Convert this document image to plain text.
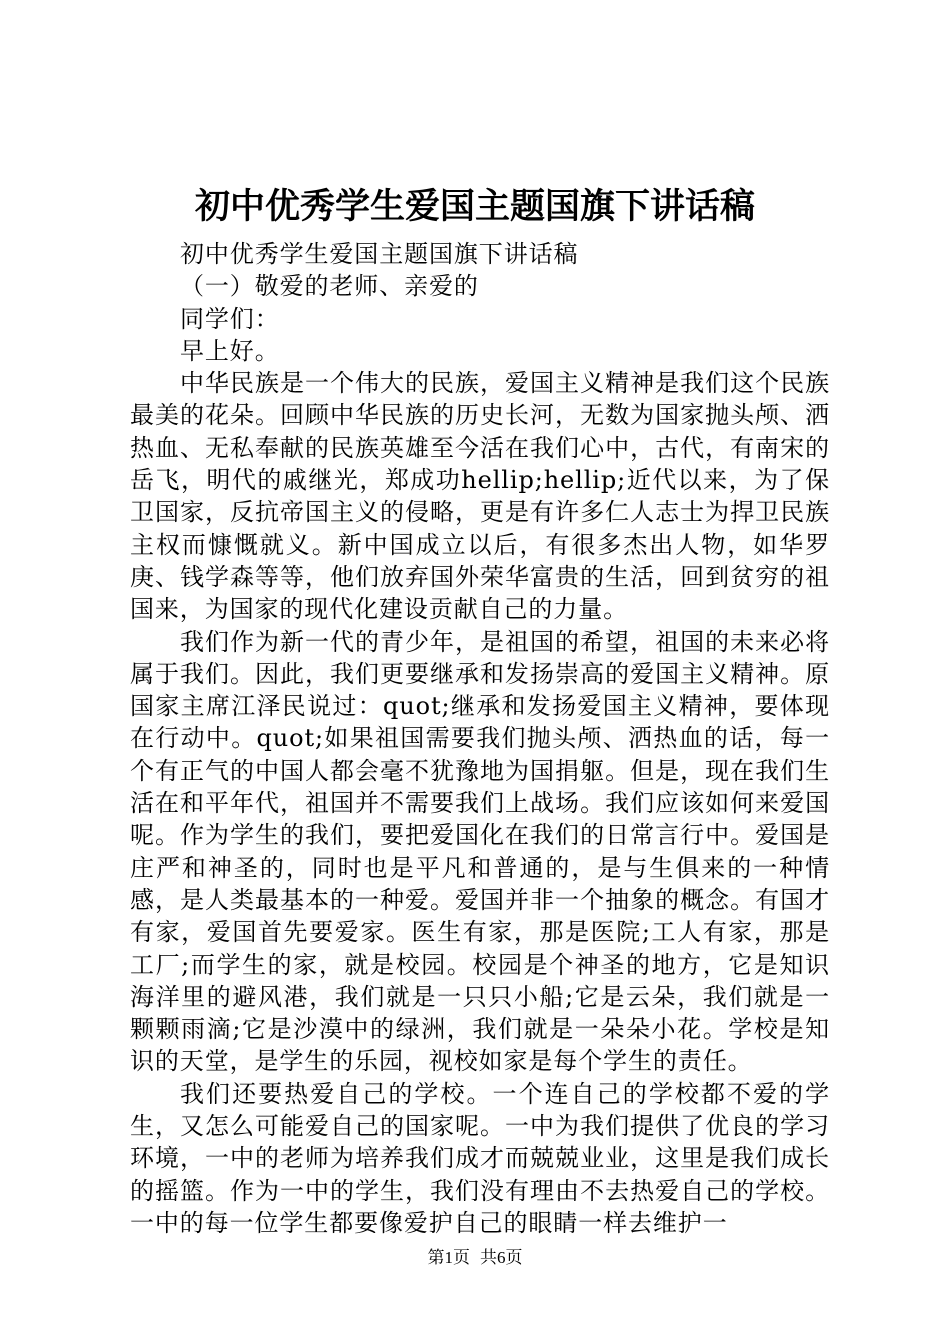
初中优秀学生爱国主题国旗下讲话稿

初中优秀学生爱国主题国旗下讲话稿

（一）敬爱的老师、亲爱的

同学们：

早上好。

中华民族是一个伟大的民族，爱国主义精神是我们这个民族最美的花朵。回顾中华民族的历史长河，无数为国家抛头颅、洒热血、无私奉献的民族英雄至今活在我们心中，古代，有南宋的岳飞，明代的戚继光，郑成功hellip;hellip;近代以来，为了保卫国家，反抗帝国主义的侵略，更是有许多仁人志士为捍卫民族主权而慷慨就义。新中国成立以后，有很多杰出人物，如华罗庚、钱学森等等，他们放弃国外荣华富贵的生活，回到贫穷的祖国来，为国家的现代化建设贡献自己的力量。

我们作为新一代的青少年，是祖国的希望，祖国的未来必将属于我们。因此，我们更要继承和发扬崇高的爱国主义精神。原国家主席江泽民说过：quot;继承和发扬爱国主义精神，要体现在行动中。quot;如果祖国需要我们抛头颅、洒热血的话，每一个有正气的中国人都会毫不犹豫地为国捐躯。但是，现在我们生活在和平年代，祖国并不需要我们上战场。我们应该如何来爱国呢。作为学生的我们，要把爱国化在我们的日常言行中。爱国是庄严和神圣的，同时也是平凡和普通的，是与生俱来的一种情感，是人类最基本的一种爱。爱国并非一个抽象的概念。有国才有家，爱国首先要爱家。医生有家，那是医院;工人有家，那是工厂;而学生的家，就是校园。校园是个神圣的地方，它是知识海洋里的避风港，我们就是一只只小船;它是云朵，我们就是一颗颗雨滴;它是沙漠中的绿洲，我们就是一朵朵小花。学校是知识的天堂，是学生的乐园，视校如家是每个学生的责任。

我们还要热爱自己的学校。一个连自己的学校都不爱的学生，又怎么可能爱自己的国家呢。一中为我们提供了优良的学习环境，一中的老师为培养我们成才而兢兢业业，这里是我们成长的摇篮。作为一中的学生，我们没有理由不去热爱自己的学校。一中的每一位学生都要像爱护自己的眼睛一样去维护一

第1页 共6页
